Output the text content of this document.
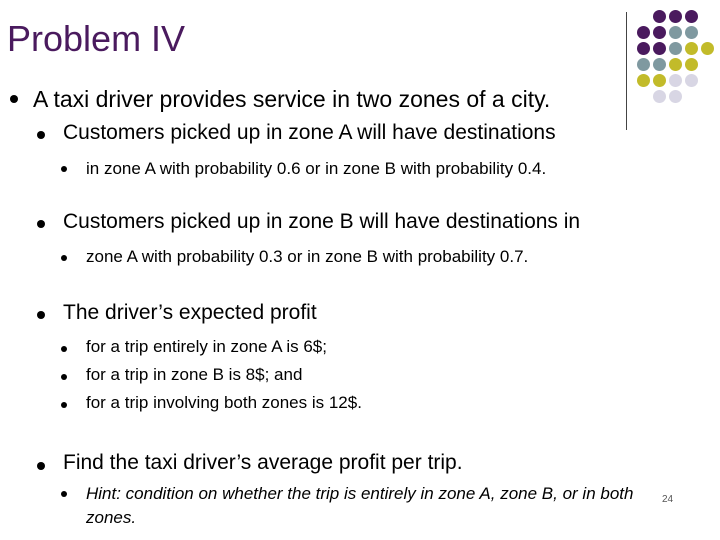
Problem IV
A taxi driver provides service in two zones of a city.
Customers picked up in zone A will have destinations
in zone A with probability 0.6 or in zone B with probability 0.4.
Customers picked up in zone B will have destinations in
zone A with probability 0.3 or in zone B with probability 0.7.
The driver’s expected profit
for a trip entirely in zone A is 6$;
for a trip in zone B is 8$; and
for a trip involving both zones is 12$.
Find the taxi driver’s average profit per trip.
Hint: condition on whether the trip is entirely in zone A, zone B, or in both zones.
24
